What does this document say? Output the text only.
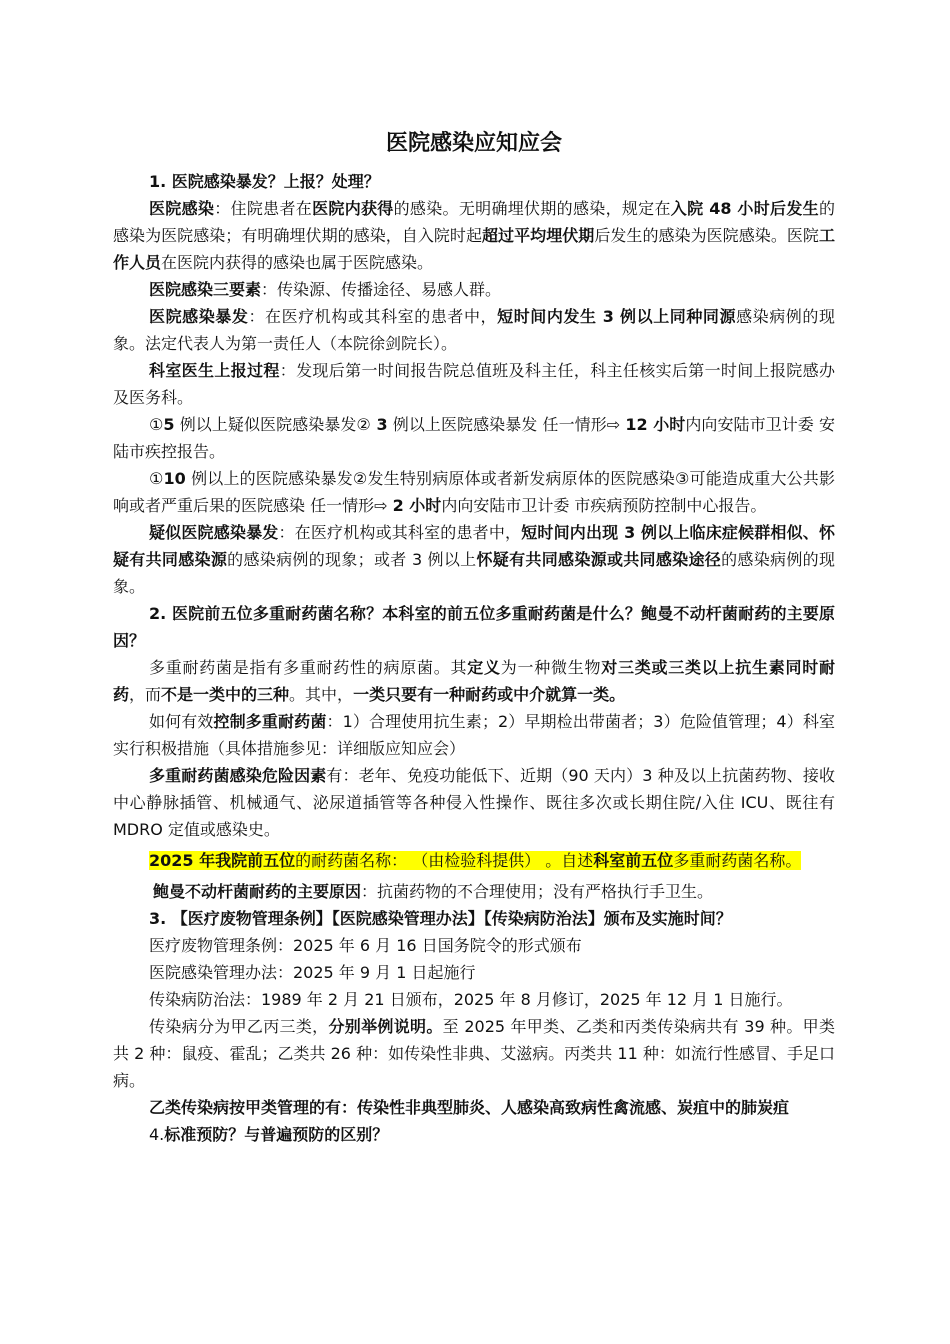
医院感染应知应会

1. 医院感染暴发？上报？处理？

医院感染：住院患者在医院内获得的感染。无明确埋伏期的感染，规定在入院 48 小时后发生的感染为医院感染；有明确埋伏期的感染，自入院时起超过平均埋伏期后发生的感染为医院感染。医院工作人员在医院内获得的感染也属于医院感染。

医院感染三要素：传染源、传播途径、易感人群。

医院感染暴发：在医疗机构或其科室的患者中，短时间内发生 3 例以上同种同源感染病例的现象。法定代表人为第一责任人（本院徐剑院长）。

科室医生上报过程：发现后第一时间报告院总值班及科主任，科主任核实后第一时间上报院感办及医务科。

①5 例以上疑似医院感染暴发② 3 例以上医院感染暴发 任一情形⇨ 12 小时内向安陆市卫计委 安陆市疾控报告。

①10 例以上的医院感染暴发②发生特别病原体或者新发病原体的医院感染③可能造成重大公共影响或者严重后果的医院感染 任一情形⇨ 2 小时内向安陆市卫计委 市疾病预防控制中心报告。

疑似医院感染暴发：在医疗机构或其科室的患者中，短时间内出现 3 例以上临床症候群相似、怀疑有共同感染源的感染病例的现象；或者 3 例以上怀疑有共同感染源或共同感染途径的感染病例的现象。

2. 医院前五位多重耐药菌名称？本科室的前五位多重耐药菌是什么？鲍曼不动杆菌耐药的主要原因？

多重耐药菌是指有多重耐药性的病原菌。其定义为一种微生物对三类或三类以上抗生素同时耐药，而不是一类中的三种。其中，一类只要有一种耐药或中介就算一类。

如何有效控制多重耐药菌：1）合理使用抗生素；2）早期检出带菌者；3）危险值管理；4）科室实行积极措施（具体措施参见：详细版应知应会）

多重耐药菌感染危险因素有：老年、免疫功能低下、近期（90 天内）3 种及以上抗菌药物、接收中心静脉插管、机械通气、泌尿道插管等各种侵入性操作、既往多次或长期住院/入住 ICU、既往有 MDRO 定值或感染史。

2025 年我院前五位的耐药菌名称： （由检验科提供） 。自述科室前五位多重耐药菌名称。

鲍曼不动杆菌耐药的主要原因：抗菌药物的不合理使用；没有严格执行手卫生。

3. 【医疗废物管理条例】【医院感染管理办法】【传染病防治法】颁布及实施时间？

医疗废物管理条例：2025 年 6 月 16 日国务院令的形式颁布

医院感染管理办法：2025 年 9 月 1 日起施行

传染病防治法：1989 年 2 月 21 日颁布，2025 年 8 月修订，2025 年 12 月 1 日施行。

传染病分为甲乙丙三类，分别举例说明。至 2025 年甲类、乙类和丙类传染病共有 39 种。甲类共 2 种：鼠疫、霍乱；乙类共 26 种：如传染性非典、艾滋病。丙类共 11 种：如流行性感冒、手足口病。

乙类传染病按甲类管理的有：传染性非典型肺炎、人感染高致病性禽流感、炭疽中的肺炭疽

4.标准预防？与普遍预防的区别？
